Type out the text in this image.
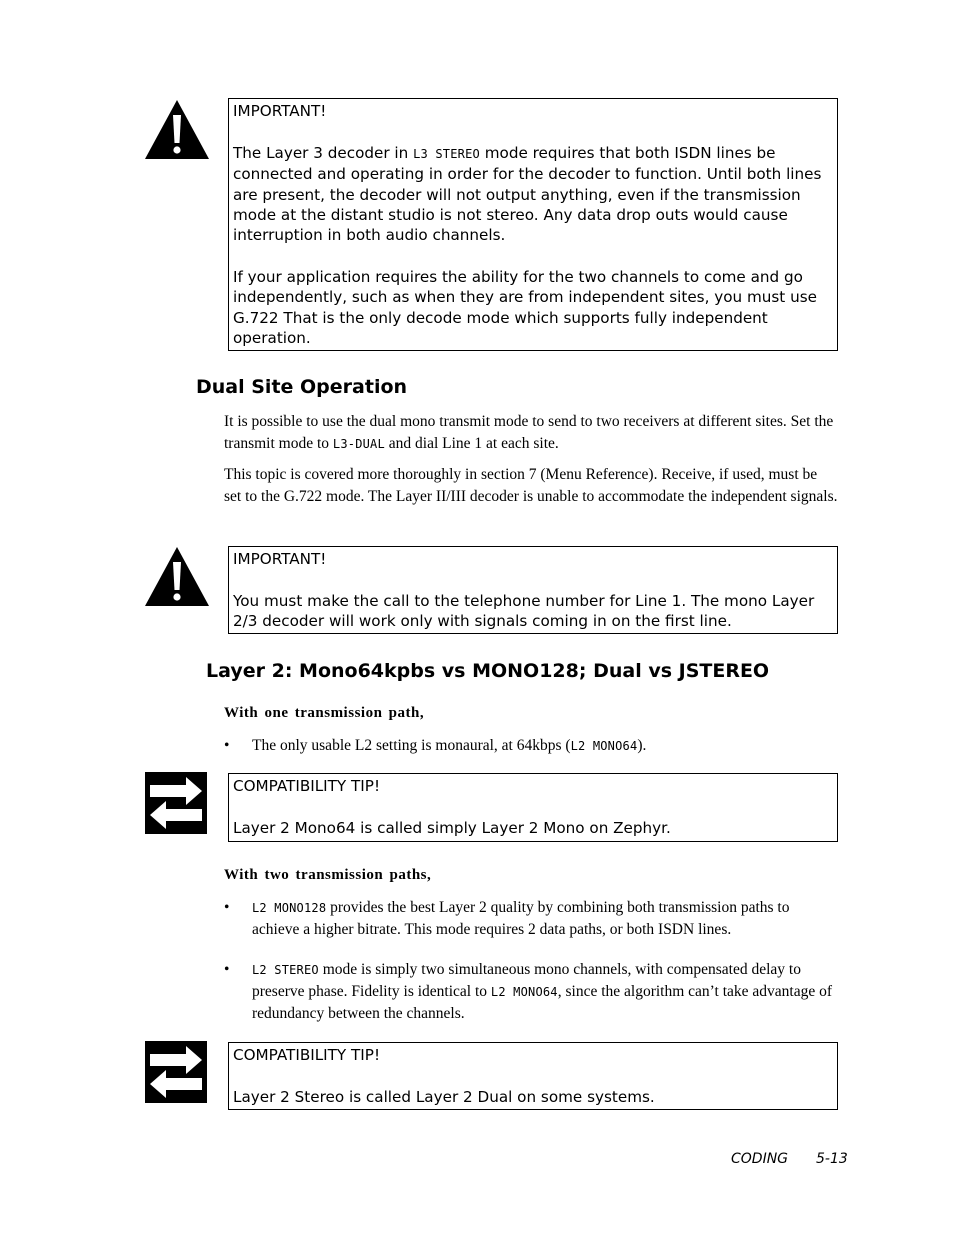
IMPORTANT!

The Layer 3 decoder in L3 STEREO mode requires that both ISDN lines be connected and operating in order for the decoder to function. Until both lines are present, the decoder will not output anything, even if the transmission mode at the distant studio is not stereo. Any data drop outs would cause interruption in both audio channels.

If your application requires the ability for the two channels to come and go independently, such as when they are from independent sites, you must use G.722 That is the only decode mode which supports fully independent operation.

Dual Site Operation

It is possible to use the dual mono transmit mode to send to two receivers at different sites. Set the transmit mode to L3-DUAL and dial Line 1 at each site.

This topic is covered more thoroughly in section 7 (Menu Reference). Receive, if used, must be set to the G.722 mode. The Layer II/III decoder is unable to accommodate the independent signals.

IMPORTANT!

You must make the call to the telephone number for Line 1. The mono Layer 2/3 decoder will work only with signals coming in on the first line.

Layer 2: Mono64kpbs vs MONO128; Dual vs JSTEREO

With one transmission path,

• The only usable L2 setting is monaural, at 64kbps (L2 MONO64).

COMPATIBILITY TIP!

Layer 2 Mono64 is called simply Layer 2 Mono on Zephyr.

With two transmission paths,

• L2 MONO128 provides the best Layer 2 quality by combining both transmission paths to achieve a higher bitrate. This mode requires 2 data paths, or both ISDN lines.
• L2 STEREO mode is simply two simultaneous mono channels, with compensated delay to preserve phase. Fidelity is identical to L2 MONO64, since the algorithm can’t take advantage of redundancy between the channels.

COMPATIBILITY TIP!

Layer 2 Stereo is called Layer 2 Dual on some systems.

CODING 5-13
